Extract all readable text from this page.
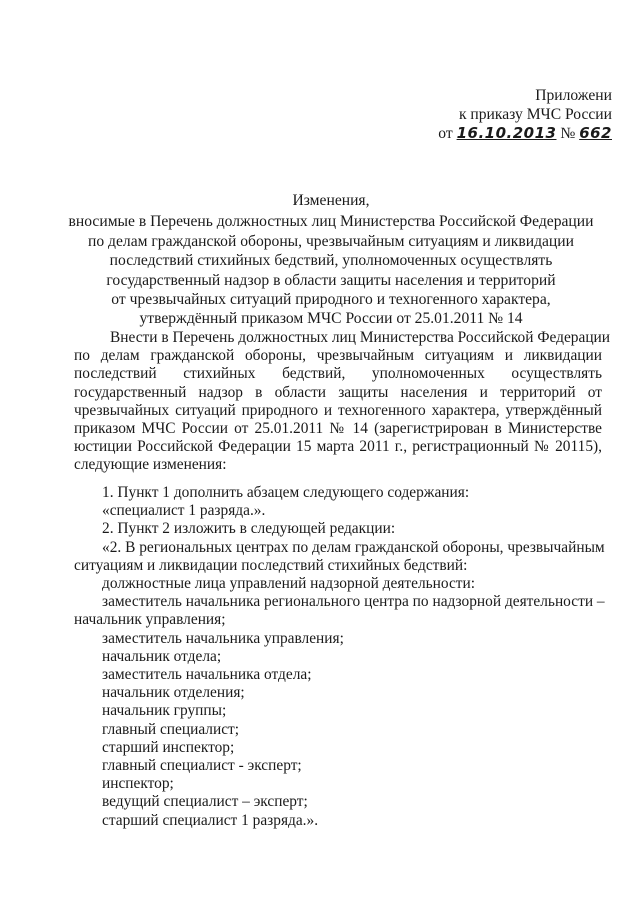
Приложени
к приказу МЧС России
от 16.10.2013 № 662
Изменения,
вносимые в Перечень должностных лиц Министерства Российской Федерации
по делам гражданской обороны, чрезвычайным ситуациям и ликвидации
последствий стихийных бедствий, уполномоченных осуществлять
государственный надзор в области защиты населения и территорий
от чрезвычайных ситуаций природного и техногенного характера,
утверждённый приказом МЧС России от 25.01.2011 № 14
Внести в Перечень должностных лиц Министерства Российской Федерации
по делам гражданской обороны, чрезвычайным ситуациям и ликвидации
последствий стихийных бедствий, уполномоченных осуществлять
государственный надзор в области защиты населения и территорий от
чрезвычайных ситуаций природного и техногенного характера, утверждённый
приказом МЧС России от 25.01.2011 № 14 (зарегистрирован в Министерстве
юстиции Российской Федерации 15 марта 2011 г., регистрационный № 20115),
следующие изменения:
1. Пункт 1 дополнить абзацем следующего содержания:
«специалист 1 разряда.».
2. Пункт 2 изложить в следующей редакции:
«2. В региональных центрах по делам гражданской обороны, чрезвычайным
ситуациям и ликвидации последствий стихийных бедствий:
должностные лица управлений надзорной деятельности:
заместитель начальника регионального центра по надзорной деятельности –
начальник управления;
заместитель начальника управления;
начальник отдела;
заместитель начальника отдела;
начальник отделения;
начальник группы;
главный специалист;
старший инспектор;
главный специалист - эксперт;
инспектор;
ведущий специалист – эксперт;
старший специалист 1 разряда.».
